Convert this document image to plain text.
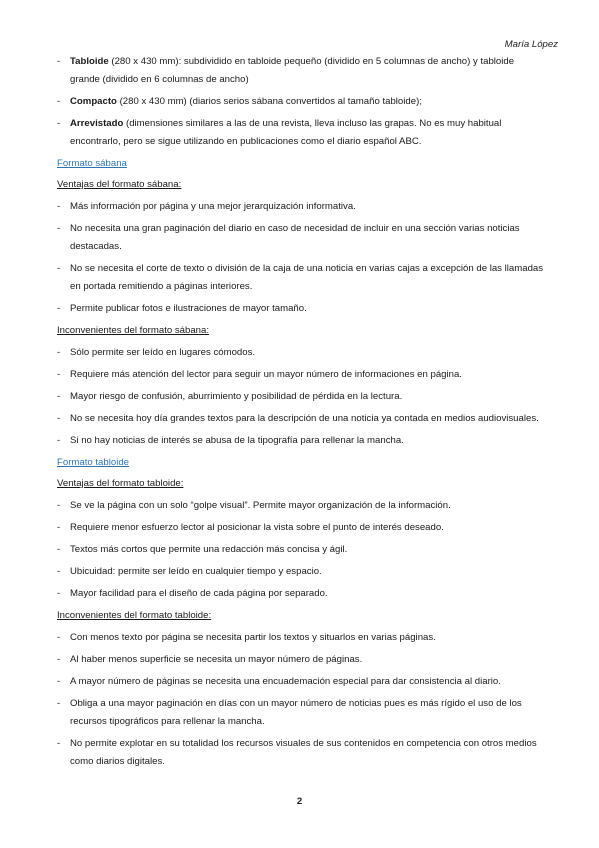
María López
-	Tabloide (280 x 430 mm): subdividido en tabloide pequeño (dividido en 5 columnas de ancho) y tabloide grande (dividido en 6 columnas de ancho)
-	Compacto (280 x 430 mm) (diarios serios sábana convertidos al tamaño tabloide);
-	Arrevistado (dimensiones similares a las de una revista, lleva incluso las grapas. No es muy habitual encontrarlo, pero se sigue utilizando en publicaciones como el diario español ABC.
Formato sábana
Ventajas del formato sábana:
-	Más información por página y una mejor jerarquización informativa.
-	No necesita una gran paginación del diario en caso de necesidad de incluir en una sección varias noticias destacadas.
-	No se necesita el corte de texto o división de la caja de una noticia en varias cajas a excepción de las llamadas en portada remitiendo a páginas interiores.
-	Permite publicar fotos e ilustraciones de mayor tamaño.
Inconvenientes del formato sábana:
-	Sólo permite ser leído en lugares cómodos.
-	Requiere más atención del lector para seguir un mayor número de informaciones en página.
-	Mayor riesgo de confusión, aburrimiento y posibilidad de pérdida en la lectura.
-	No se necesita hoy día grandes textos para la descripción de una noticia ya contada en medios audiovisuales.
-	Si no hay noticias de interés se abusa de la tipografía para rellenar la mancha.
Formato tabloide
Ventajas del formato tabloide:
-	Se ve la página con un solo “golpe visual”. Permite mayor organización de la información.
-	Requiere menor esfuerzo lector al posicionar la vista sobre el punto de interés deseado.
-	Textos más cortos que permite una redacción más concisa y ágil.
-	Ubicuidad: permite ser leído en cualquier tiempo y espacio.
-	Mayor facilidad para el diseño de cada página por separado.
Inconvenientes del formato tabloide:
-	Con menos texto por página se necesita partir los textos y situarlos en varias páginas.
-	Al haber menos superficie se necesita un mayor número de páginas.
-	A mayor número de páginas se necesita una encuademación especial para dar consistencia al diario.
-	Obliga a una mayor paginación en días con un mayor número de noticias pues es más rígido el uso de los recursos tipográficos para rellenar la mancha.
-	No permite explotar en su totalidad los recursos visuales de sus contenidos en competencia con otros medios como diarios digitales.
2
